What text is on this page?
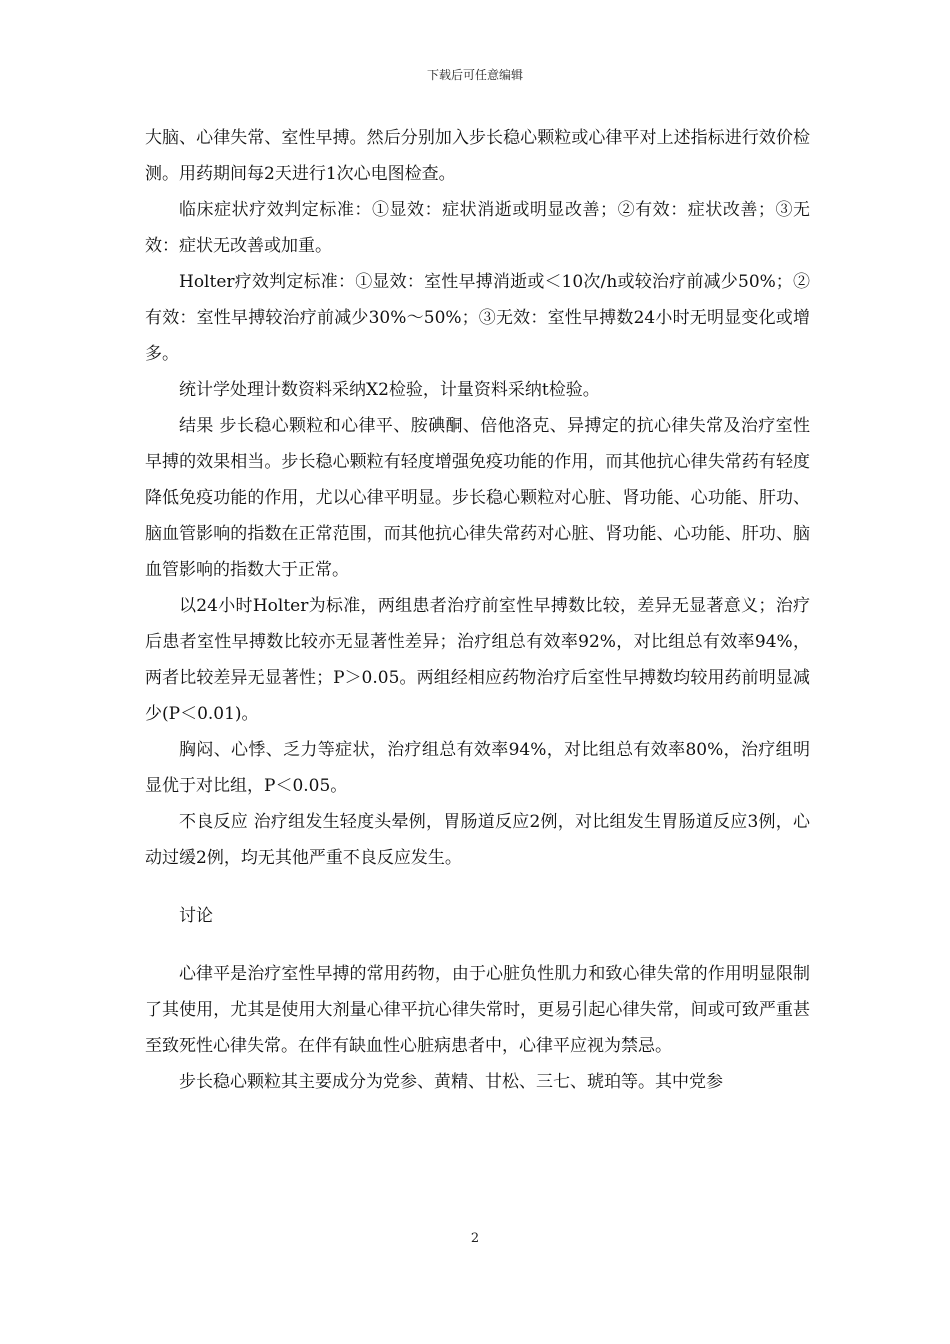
下载后可任意编辑

大脑、心律失常、室性早搏。然后分别加入步长稳心颗粒或心律平对上述指标进行效价检测。用药期间每2天进行1次心电图检查。

临床症状疗效判定标准：①显效：症状消逝或明显改善；②有效：症状改善；③无效：症状无改善或加重。

Holter疗效判定标准：①显效：室性早搏消逝或＜10次/h或较治疗前减少50%；②有效：室性早搏较治疗前减少30%～50%；③无效：室性早搏数24小时无明显变化或增多。

统计学处理计数资料采纳X2检验，计量资料采纳t检验。

结果 步长稳心颗粒和心律平、胺碘酮、倍他洛克、异搏定的抗心律失常及治疗室性早搏的效果相当。步长稳心颗粒有轻度增强免疫功能的作用，而其他抗心律失常药有轻度降低免疫功能的作用，尤以心律平明显。步长稳心颗粒对心脏、肾功能、心功能、肝功、脑血管影响的指数在正常范围，而其他抗心律失常药对心脏、肾功能、心功能、肝功、脑血管影响的指数大于正常。

以24小时Holter为标准，两组患者治疗前室性早搏数比较，差异无显著意义；治疗后患者室性早搏数比较亦无显著性差异；治疗组总有效率92%，对比组总有效率94%，两者比较差异无显著性；P＞0.05。两组经相应药物治疗后室性早搏数均较用药前明显减少(P＜0.01)。

胸闷、心悸、乏力等症状，治疗组总有效率94%，对比组总有效率80%，治疗组明显优于对比组，P＜0.05。

不良反应 治疗组发生轻度头晕例，胃肠道反应2例，对比组发生胃肠道反应3例，心动过缓2例，均无其他严重不良反应发生。

讨论

心律平是治疗室性早搏的常用药物，由于心脏负性肌力和致心律失常的作用明显限制了其使用，尤其是使用大剂量心律平抗心律失常时，更易引起心律失常，间或可致严重甚至致死性心律失常。在伴有缺血性心脏病患者中，心律平应视为禁忌。

步长稳心颗粒其主要成分为党参、黄精、甘松、三七、琥珀等。其中党参

2
